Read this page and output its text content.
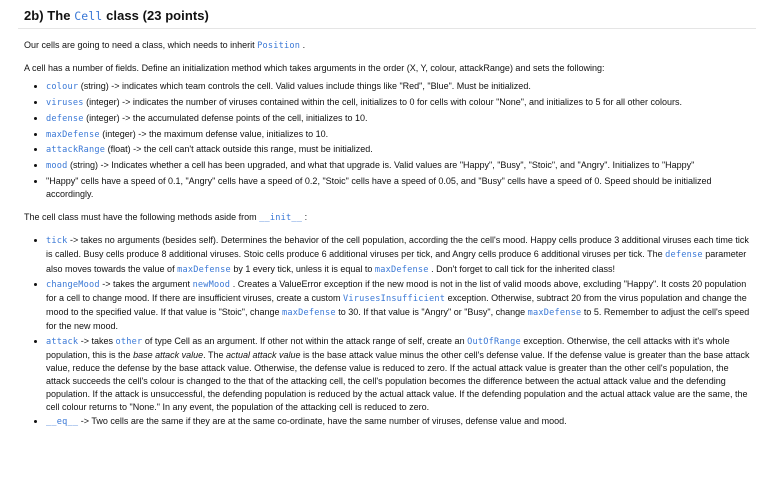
2b) The Cell class (23 points)

Our cells are going to need a class, which needs to inherit Position .

A cell has a number of fields. Define an initialization method which takes arguments in the order (X, Y, colour, attackRange) and sets the following:

• colour (string) -> indicates which team controls the cell. Valid values include things like "Red", "Blue". Must be initialized.
• viruses (integer) -> indicates the number of viruses contained within the cell, initializes to 0 for cells with colour "None", and initializes to 5 for all other colours.
• defense (integer) -> the accumulated defense points of the cell, initializes to 10.
• maxDefense (integer) -> the maximum defense value, initializes to 10.
• attackRange (float) -> the cell can't attack outside this range, must be initialized.
• mood (string) -> Indicates whether a cell has been upgraded, and what that upgrade is. Valid values are "Happy", "Busy", "Stoic", and "Angry". Initializes to "Happy"
• "Happy" cells have a speed of 0.1, "Angry" cells have a speed of 0.2, "Stoic" cells have a speed of 0.05, and "Busy" cells have a speed of 0. Speed should be initialized accordingly.

The cell class must have the following methods aside from __init__ :

• tick -> takes no arguments (besides self). Determines the behavior of the cell population, according the the cell's mood. Happy cells produce 3 additional viruses each time tick is called. Busy cells produce 8 additional viruses. Stoic cells produce 6 additional viruses per tick, and Angry cells produce 6 additional viruses per tick. The defense parameter also moves towards the value of maxDefense by 1 every tick, unless it is equal to maxDefense . Don't forget to call tick for the inherited class!
• changeMood -> takes the argument newMood . Creates a ValueError exception if the new mood is not in the list of valid moods above, excluding "Happy". It costs 20 population for a cell to change mood. If there are insufficient viruses, create a custom VirusesInsufficient exception. Otherwise, subtract 20 from the virus population and change the mood to the specified value. If that value is "Stoic", change maxDefense to 30. If that value is "Angry" or "Busy", change maxDefense to 5. Remember to adjust the cell's speed for the new mood.
• attack -> takes other of type Cell as an argument. If other not within the attack range of self, create an OutOfRange exception. Otherwise, the cell attacks with it's whole population, this is the base attack value. The actual attack value is the base attack value minus the other cell's defense value. If the defense value is greater than the base attack value, reduce the defense by the base attack value. Otherwise, the defense value is reduced to zero. If the actual attack value is greater than the other cell's population, the attack succeeds the cell's colour is changed to the that of the attacking cell, the cell's population becomes the difference between the actual attack value and the defending population. If the attack is unsuccessful, the defending population is reduced by the actual attack value. If the defending population and the actual attack value are the same, the cell colour returns to "None." In any event, the population of the attacking cell is reduced to zero.
• __eq__ -> Two cells are the same if they are at the same co-ordinate, have the same number of viruses, defense value and mood.
